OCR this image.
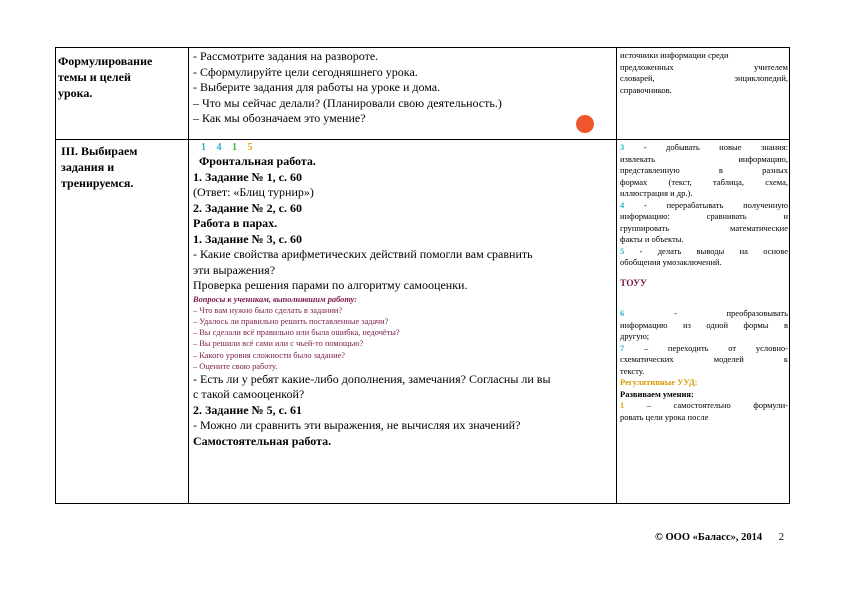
Формулирование
темы и целей
урока.
- Рассмотрите задания на развороте.
- Сформулируйте цели сегодняшнего урока.
- Выберите задания для работы на уроке и дома.
– Что мы сейчас делали? (Планировали свою деятельность.)
– Как мы обозначаем это умение?
источники информации среди
предложенных учителем
словарей, энциклопедий,
справочников.
III. Выбираем
задания и
тренируемся.
1 4 1 5
Фронтальная работа.
1. Задание № 1, с. 60
(Ответ: «Блиц турнир»)
2. Задание № 2, с. 60
Работа в парах.
1. Задание № 3, с. 60
- Какие свойства арифметических действий помогли вам сравнить
эти выражения?
Проверка решения парами по алгоритму самооценки.
Вопросы к ученикам, выполнявшим работу:
– Что вам нужно было сделать в задании?
– Удалось ли правильно решить поставленные задачи?
– Вы сделали всё правильно или была ошибка, недочёты?
– Вы решили всё сами или с чьей-то помощью?
– Какого уровня сложности было задание?
– Оцените свою работу.
- Есть ли у ребят какие-либо дополнения, замечания? Согласны ли вы
с такой самооценкой?
2. Задание № 5, с. 61
- Можно ли сравнить эти выражения, не вычисляя их значений?
Самостоятельная работа.
3 - добывать новые знания:
извлекать информацию,
представленную в разных
формах (текст, таблица, схема,
иллюстрация и др.).
4 - перерабатывать полученную
информацию: сравнивать и
группировать математические
факты и объекты.
5 - делать выводы на основе
обобщения умозаключений.
ТОУУ
6	- преобразовывать
информацию из одной формы в
другую;
7 – переходить от условно-
схематических моделей к
тексту.
Регулятивные УУД:
Развиваем умения:
1	– самостоятельно формули-
ровать цели урока после
© ООО «Баласс», 2014 2
